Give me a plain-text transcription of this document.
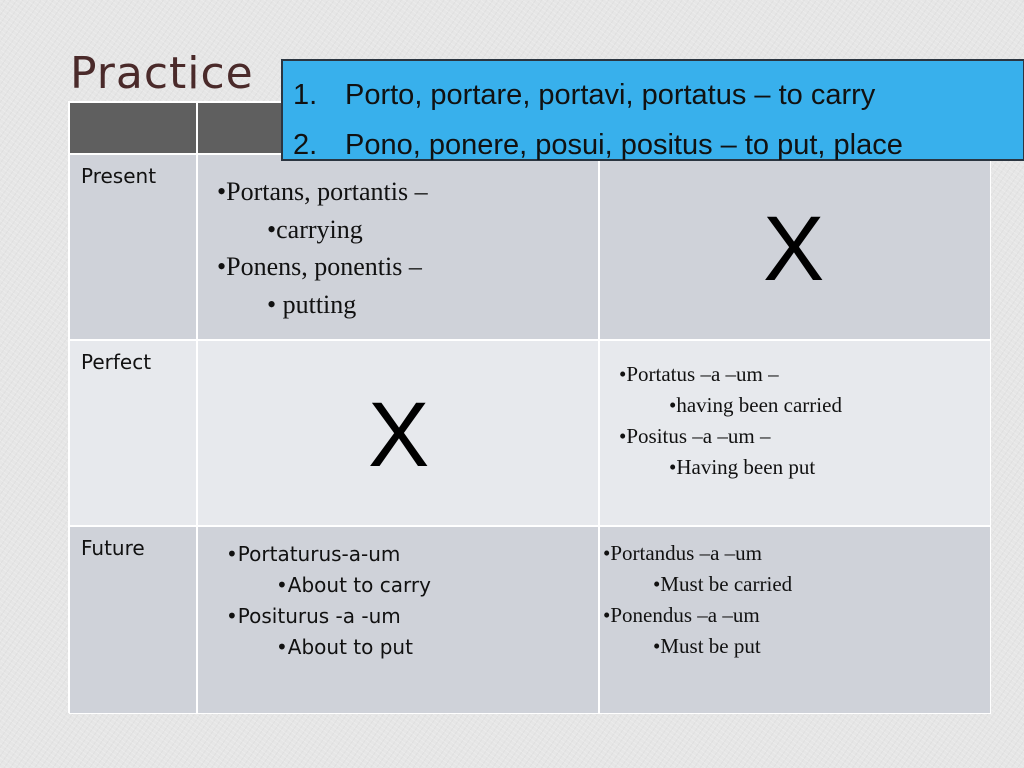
Practice
Present
• Portans, portantis –
• carrying
• Ponens, ponentis –
• putting
X
Perfect
X
• Portatus –a –um –
• having been carried
• Positus –a –um –
• Having been put
Future
•	Portaturus-a-um
• About to carry
• Positurus -a -um
• About to put
• Portandus –a –um
• Must be carried
• Ponendus –a –um
• Must be put
1. Porto, portare, portavi, portatus – to carry
2. Pono, ponere, posui, positus – to put, place
